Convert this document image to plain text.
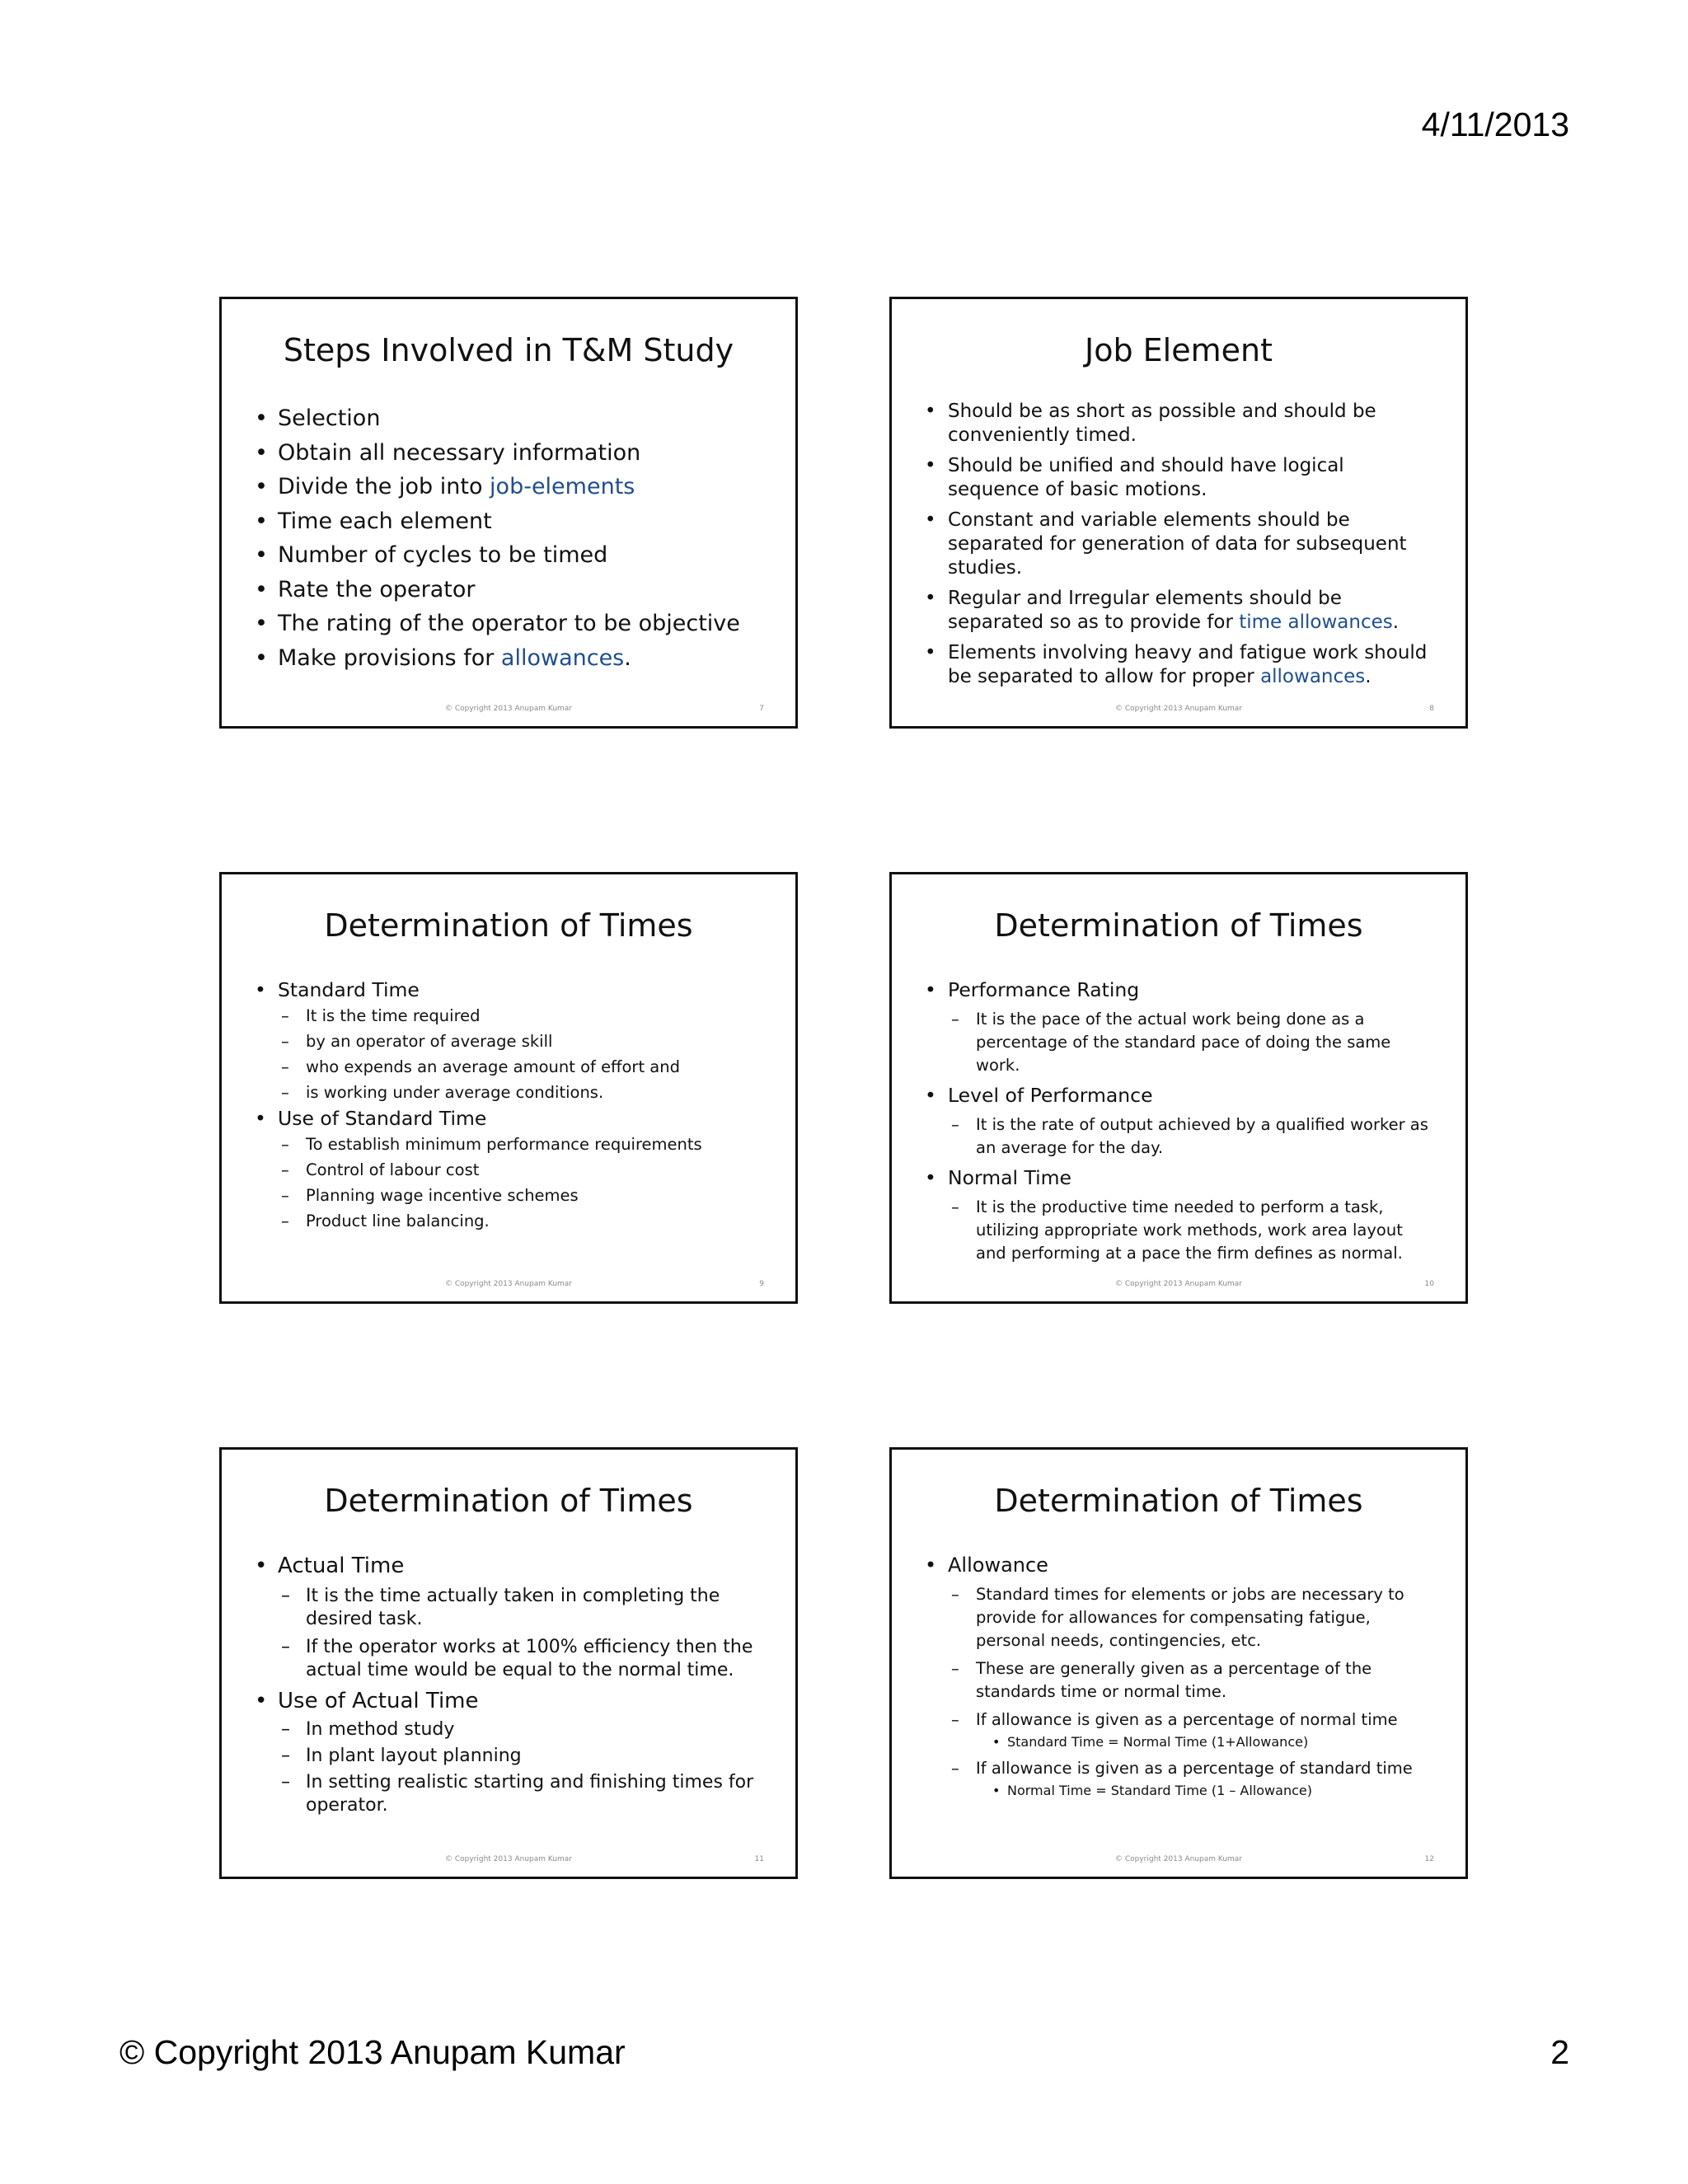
4/11/2013
Steps Involved in T&M Study
• Selection
• Obtain all necessary information
• Divide the job into job-elements
• Time each element
• Number of cycles to be timed
• Rate the operator
• The rating of the operator to be objective
• Make provisions for allowances.
© Copyright 2013 Anupam Kumar	7
Job Element
• Should be as short as possible and should be conveniently timed.
• Should be unified and should have logical sequence of basic motions.
• Constant and variable elements should be separated for generation of data for subsequent studies.
• Regular and Irregular elements should be separated so as to provide for time allowances.
• Elements involving heavy and fatigue work should be separated to allow for proper allowances.
© Copyright 2013 Anupam Kumar	8
Determination of Times
• Standard Time
– It is the time required
– by an operator of average skill
– who expends an average amount of effort and
– is working under average conditions.
• Use of Standard Time
– To establish minimum performance requirements
– Control of labour cost
– Planning wage incentive schemes
– Product line balancing.
© Copyright 2013 Anupam Kumar	9
Determination of Times
• Performance Rating
– It is the pace of the actual work being done as a percentage of the standard pace of doing the same work.
• Level of Performance
– It is the rate of output achieved by a qualified worker as an average for the day.
• Normal Time
– It is the productive time needed to perform a task, utilizing appropriate work methods, work area layout and performing at a pace the firm defines as normal.
© Copyright 2013 Anupam Kumar	10
Determination of Times
• Actual Time
– It is the time actually taken in completing the desired task.
– If the operator works at 100% efficiency then the actual time would be equal to the normal time.
• Use of Actual Time
– In method study
– In plant layout planning
– In setting realistic starting and finishing times for operator.
© Copyright 2013 Anupam Kumar	11
Determination of Times
• Allowance
– Standard times for elements or jobs are necessary to provide for allowances for compensating fatigue, personal needs, contingencies, etc.
– These are generally given as a percentage of the standards time or normal time.
– If allowance is given as a percentage of normal time
• Standard Time = Normal Time (1+Allowance)
– If allowance is given as a percentage of standard time
• Normal Time = Standard Time (1 – Allowance)
© Copyright 2013 Anupam Kumar	12
© Copyright 2013 Anupam Kumar	2
